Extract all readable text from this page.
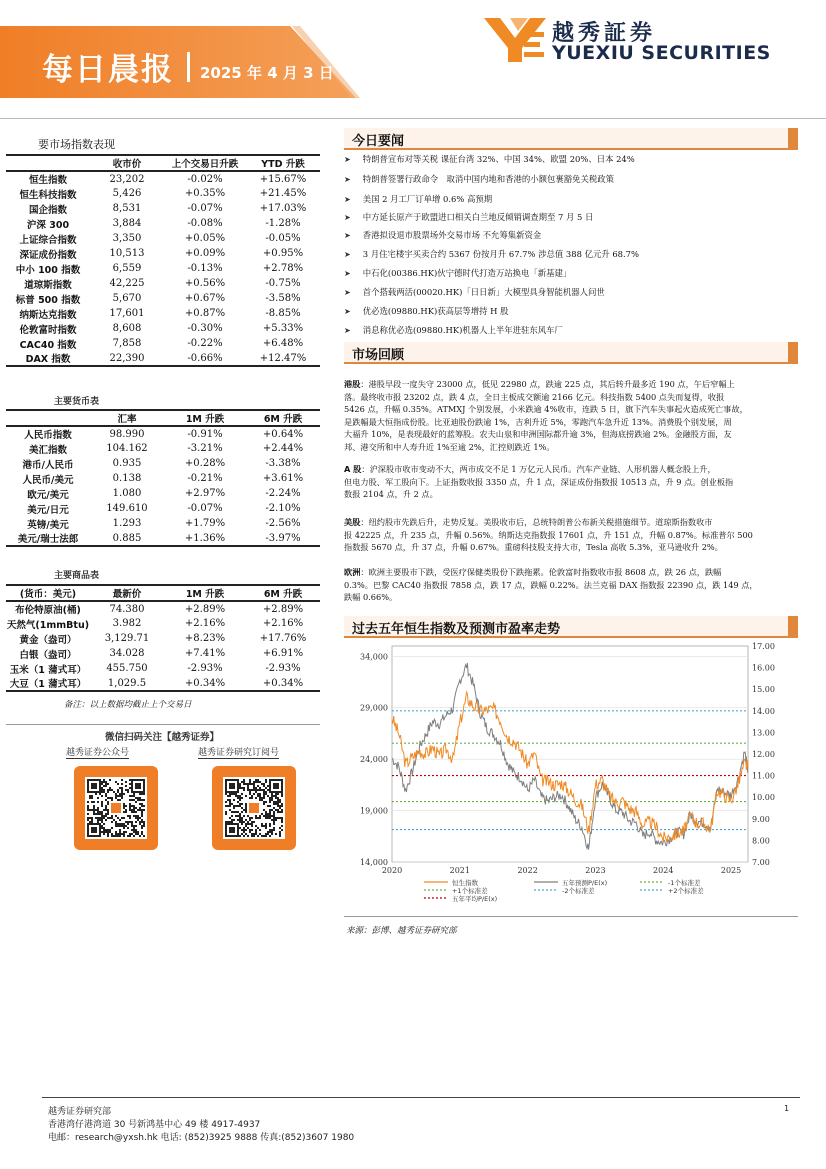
每日晨报 2025 年 4 月 3 日
越秀証券
YUEXIU SECURITIES
要市场指数表现
	收市价	上个交易日升跌	YTD 升跌
恒生指数	23,202	-0.02%	+15.67%
恒生科技指数	5,426	+0.35%	+21.45%
国企指数	8,531	-0.07%	+17.03%
沪深 300	3,884	-0.08%	-1.28%
上证综合指数	3,350	+0.05%	-0.05%
深证成份指数	10,513	+0.09%	+0.95%
中小 100 指数	6,559	-0.13%	+2.78%
道琼斯指数	42,225	+0.56%	-0.75%
标普 500 指数	5,670	+0.67%	-3.58%
纳斯达克指数	17,601	+0.87%	-8.85%
伦敦富时指数	8,608	-0.30%	+5.33%
CAC40 指数	7,858	-0.22%	+6.48%
DAX 指数	22,390	-0.66%	+12.47%
主要货币表
	汇率	1M 升跌	6M 升跌
人民币指数	98.990	-0.91%	+0.64%
美汇指数	104.162	-3.21%	+2.44%
港币/人民币	0.935	+0.28%	-3.38%
人民币/美元	0.138	-0.21%	+3.61%
欧元/美元	1.080	+2.97%	-2.24%
美元/日元	149.610	-0.07%	-2.10%
英镑/美元	1.293	+1.79%	-2.56%
美元/瑞士法郎	0.885	+1.36%	-3.97%
主要商品表
(货币：美元)	最新价	1M 升跌	6M 升跌
布伦特原油(桶)	74.380	+2.89%	+2.89%
天然气(1mmBtu)	3.982	+2.16%	+2.16%
黄金（盎司）	3,129.71	+8.23%	+17.76%
白银（盎司）	34.028	+7.41%	+6.91%
玉米（1 蒲式耳）	455.750	-2.93%	-2.93%
大豆（1 蒲式耳）	1,029.5	+0.34%	+0.34%
备注：以上数据均截止上个交易日
微信扫码关注【越秀证券】
越秀证券公众号	越秀证券研究订阅号
今日要闻
➤ 特朗普宣布对等关税 课征台湾 32%、中国 34%、欧盟 20%、日本 24%
➤ 特朗普签署行政命令　取消中国内地和香港的小额包裹豁免关税政策
➤ 美国 2 月工厂订单增 0.6% 高预期
➤ 中方延长原产于欧盟进口相关白兰地反倾销调查期至 7 月 5 日
➤ 香港拟设退市股票场外交易市场 不允筹集新资金
➤ 3 月住宅楼宇买卖合约 5367 份按月升 67.7% 涉总值 388 亿元升 68.7%
➤ 中石化(00386.HK)伙宁德时代打造万站换电「新基建」
➤ 首个搭载两活(00020.HK)「日日新」大模型具身智能机器人问世
➤ 优必选(09880.HK)获高层等增持 H 股
➤ 消息称优必选(09880.HK)机器人上半年进驻东风车厂
市场回顾
港股：港股早段一度失守 23000 点，低见 22980 点，跌逾 225 点，其后转升最多近 190 点，午后窄幅上
落。最终收市报 23202 点，跌 4 点，全日主板成交额逾 2166 亿元。科技指数 5400 点失而复得，收报
5426 点，升幅 0.35%。ATMXJ 个别发展，小米跌逾 4%收市，连跌 5 日，旗下汽车失事起火造成死亡事故，
是跌幅最大恒指成份股。比亚迪股份跌逾 1%，吉利升近 5%，零跑汽车急升近 13%。消费股个别发展，周
大福升 10%，是表现最好的蓝筹股。农夫山泉和申洲国际都升逾 3%，但海底捞跌逾 2%。金融股方面，友
邦、港交所和中人寿升近 1%至逾 2%，汇控则跌近 1%。
A 股：沪深股市收市变动不大，两市成交不足 1 万亿元人民币。汽车产业链、人形机器人概念股上升，
但电力股、军工股向下。上证指数收报 3350 点，升 1 点，深证成份指数报 10513 点，升 9 点。创业板指
数报 2104 点，升 2 点。
美股：纽约股市先跌后升，走势反复。美股收市后，总统特朗普公布新关税措施细节。道琼斯指数收市
报 42225 点，升 235 点，升幅 0.56%。纳斯达克指数报 17601 点，升 151 点，升幅 0.87%。标准普尔 500
指数报 5670 点，升 37 点，升幅 0.67%。重磅科技股支持大市，Tesla 高收 5.3%，亚马逊收升 2%。
欧洲：欧洲主要股市下跌，受医疗保健类股份下跌拖累。伦敦富时指数收市报 8608 点，跌 26 点，跌幅
0.3%。巴黎 CAC40 指数报 7858 点，跌 17 点，跌幅 0.22%。法兰克福 DAX 指数报 22390 点，跌 149 点，
跌幅 0.66%。
过去五年恒生指数及预测市盈率走势
14,000
19,000
24,000
29,000
34,000
7.00
8.00
9.00
10.00
11.00
12.00
13.00
14.00
15.00
16.00
17.00
2020	2021	2022	2023	2024	2025
恒生指数	五年预测P/E(x)	-1个标准差
+1个标准差	-2个标准差	+2个标准差
五年平均P/E(x)
来源：彭博、越秀证券研究部
越秀证券研究部
香港湾仔港湾道 30 号新鸿基中心 49 楼 4917-4937
电邮：research@yxsh.hk 电话: (852)3925 9888 传真:(852)3607 1980
1
